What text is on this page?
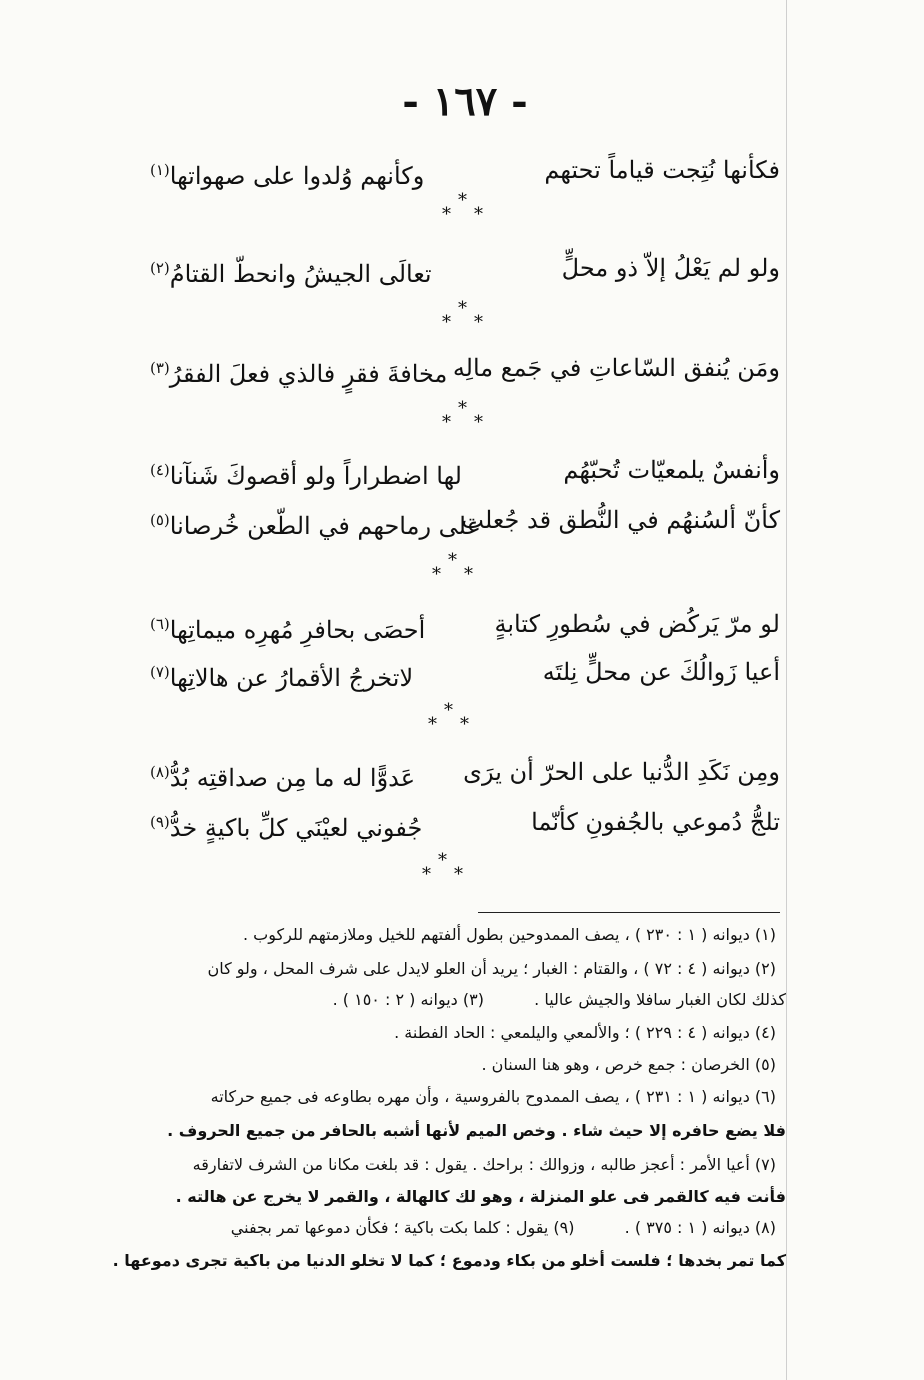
- ١٦٧ -
فكأنها نُتِجت قياماً تحتهم
وكأنهم وُلدوا على صهواتها$^{(١)}$
*
* *
ولو لم يَعْلُ إلاّ ذو محلٍّ
تعالَى الجيشُ وانحطّ القتامُ$^{(٢)}$
*
* *
ومَن يُنفق السّاعاتِ في جَمع مالِه
مخافةَ فقرٍ فالذي فعلَ الفقرُ$^{(٣)}$
*
* *
وأنفسٌ يلمعيّات تُحبّهُم
لها اضطراراً ولو أقصوكَ شَنآنا$^{(٤)}$
كأنّ ألسُنهُم في النُّطق قد جُعلت
على رماحهم في الطّعن خُرصانا$^{(٥)}$
*
* *
لو مرّ يَركُض في سُطورِ كتابةٍ
أحصَى بحافرِ مُهرِه ميماتِها$^{(٦)}$
أعيا زَوالُكَ عن محلٍّ نِلتَه
لاتخرجُ الأقمارُ عن هالاتِها$^{(٧)}$
*
* *
ومِن نَكَدِ الدُّنيا على الحرّ أن يرَى
عَدوًّا له ما مِن صداقتِه بُدُّ$^{(٨)}$
تلجُّ دُموعي بالجُفونِ كأنّما
جُفوني لعيْنَي كلِّ باكيةٍ خدُّ$^{(٩)}$
*
* *
(١) ديوانه ( ١ : ٢٣٠ ) ، يصف الممدوحين بطول ألفتهم للخيل وملازمتهم للركوب .
(٢) ديوانه ( ٤ : ٧٢ ) ، والقتام : الغبار ؛ يريد أن العلو لايدل على شرف المحل ، ولو كان
كذلك لكان الغبار سافلا والجيش عاليا .  (٣) ديوانه ( ٢ : ١٥٠ ) .
(٤) ديوانه ( ٤ : ٢٢٩ ) ؛ والألمعي واليلمعي : الحاد الفطنة .
(٥) الخرصان : جمع خرص ، وهو هنا السنان .
(٦) ديوانه ( ١ : ٢٣١ ) ، يصف الممدوح بالفروسية ، وأن مهره بطاوعه فى جميع حركاته
فلا يضع حافره إلا حيث شاء . وخص الميم لأنها أشبه بالحافر من جميع الحروف .
(٧) أعيا الأمر : أعجز طالبه ، وزوالك : براحك . يقول : قد بلغت مكانا من الشرف لاتفارقه
فأنت فيه كالقمر فى علو المنزلة ، وهو لك كالهالة ، والقمر لا يخرج عن هالته .
(٨) ديوانه ( ١ : ٣٧٥ ) .  (٩) يقول : كلما بكت باكية ؛ فكأن دموعها تمر بجفني
كما تمر بخدها ؛ فلست أخلو من بكاء ودموع ؛ كما لا تخلو الدنيا من باكية تجرى دموعها .
